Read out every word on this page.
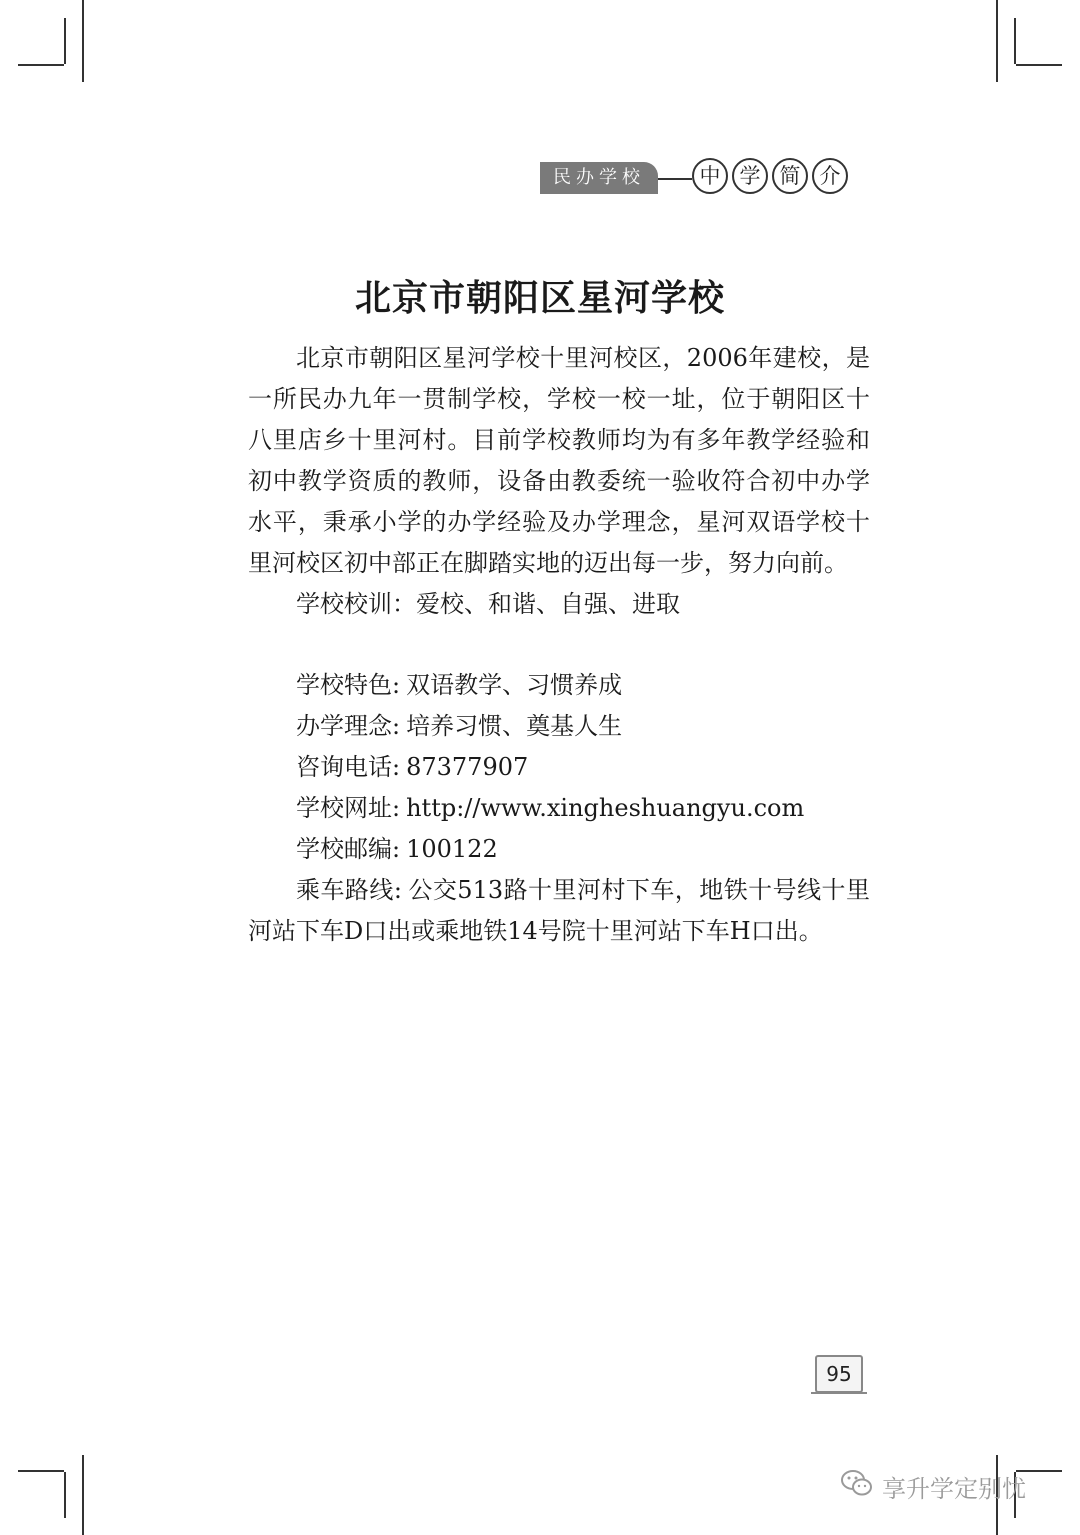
民办学校	中 学 简 介
北京市朝阳区星河学校

北京市朝阳区星河学校十里河校区，2006年建校，是一所民办九年一贯制学校，学校一校一址，位于朝阳区十八里店乡十里河村。目前学校教师均为有多年教学经验和初中教学资质的教师，设备由教委统一验收符合初中办学水平，秉承小学的办学经验及办学理念，星河双语学校十里河校区初中部正在脚踏实地的迈出每一步，努力向前。

学校校训：爱校、和谐、自强、进取

学校特色: 双语教学、习惯养成
办学理念: 培养习惯、奠基人生
咨询电话: 87377907
学校网址: http://www.xingheshuangyu.com
学校邮编: 100122
乘车路线: 公交513路十里河村下车，地铁十号线十里河站下车D口出或乘地铁14号院十里河站下车H口出。
95
享升学定别忧
